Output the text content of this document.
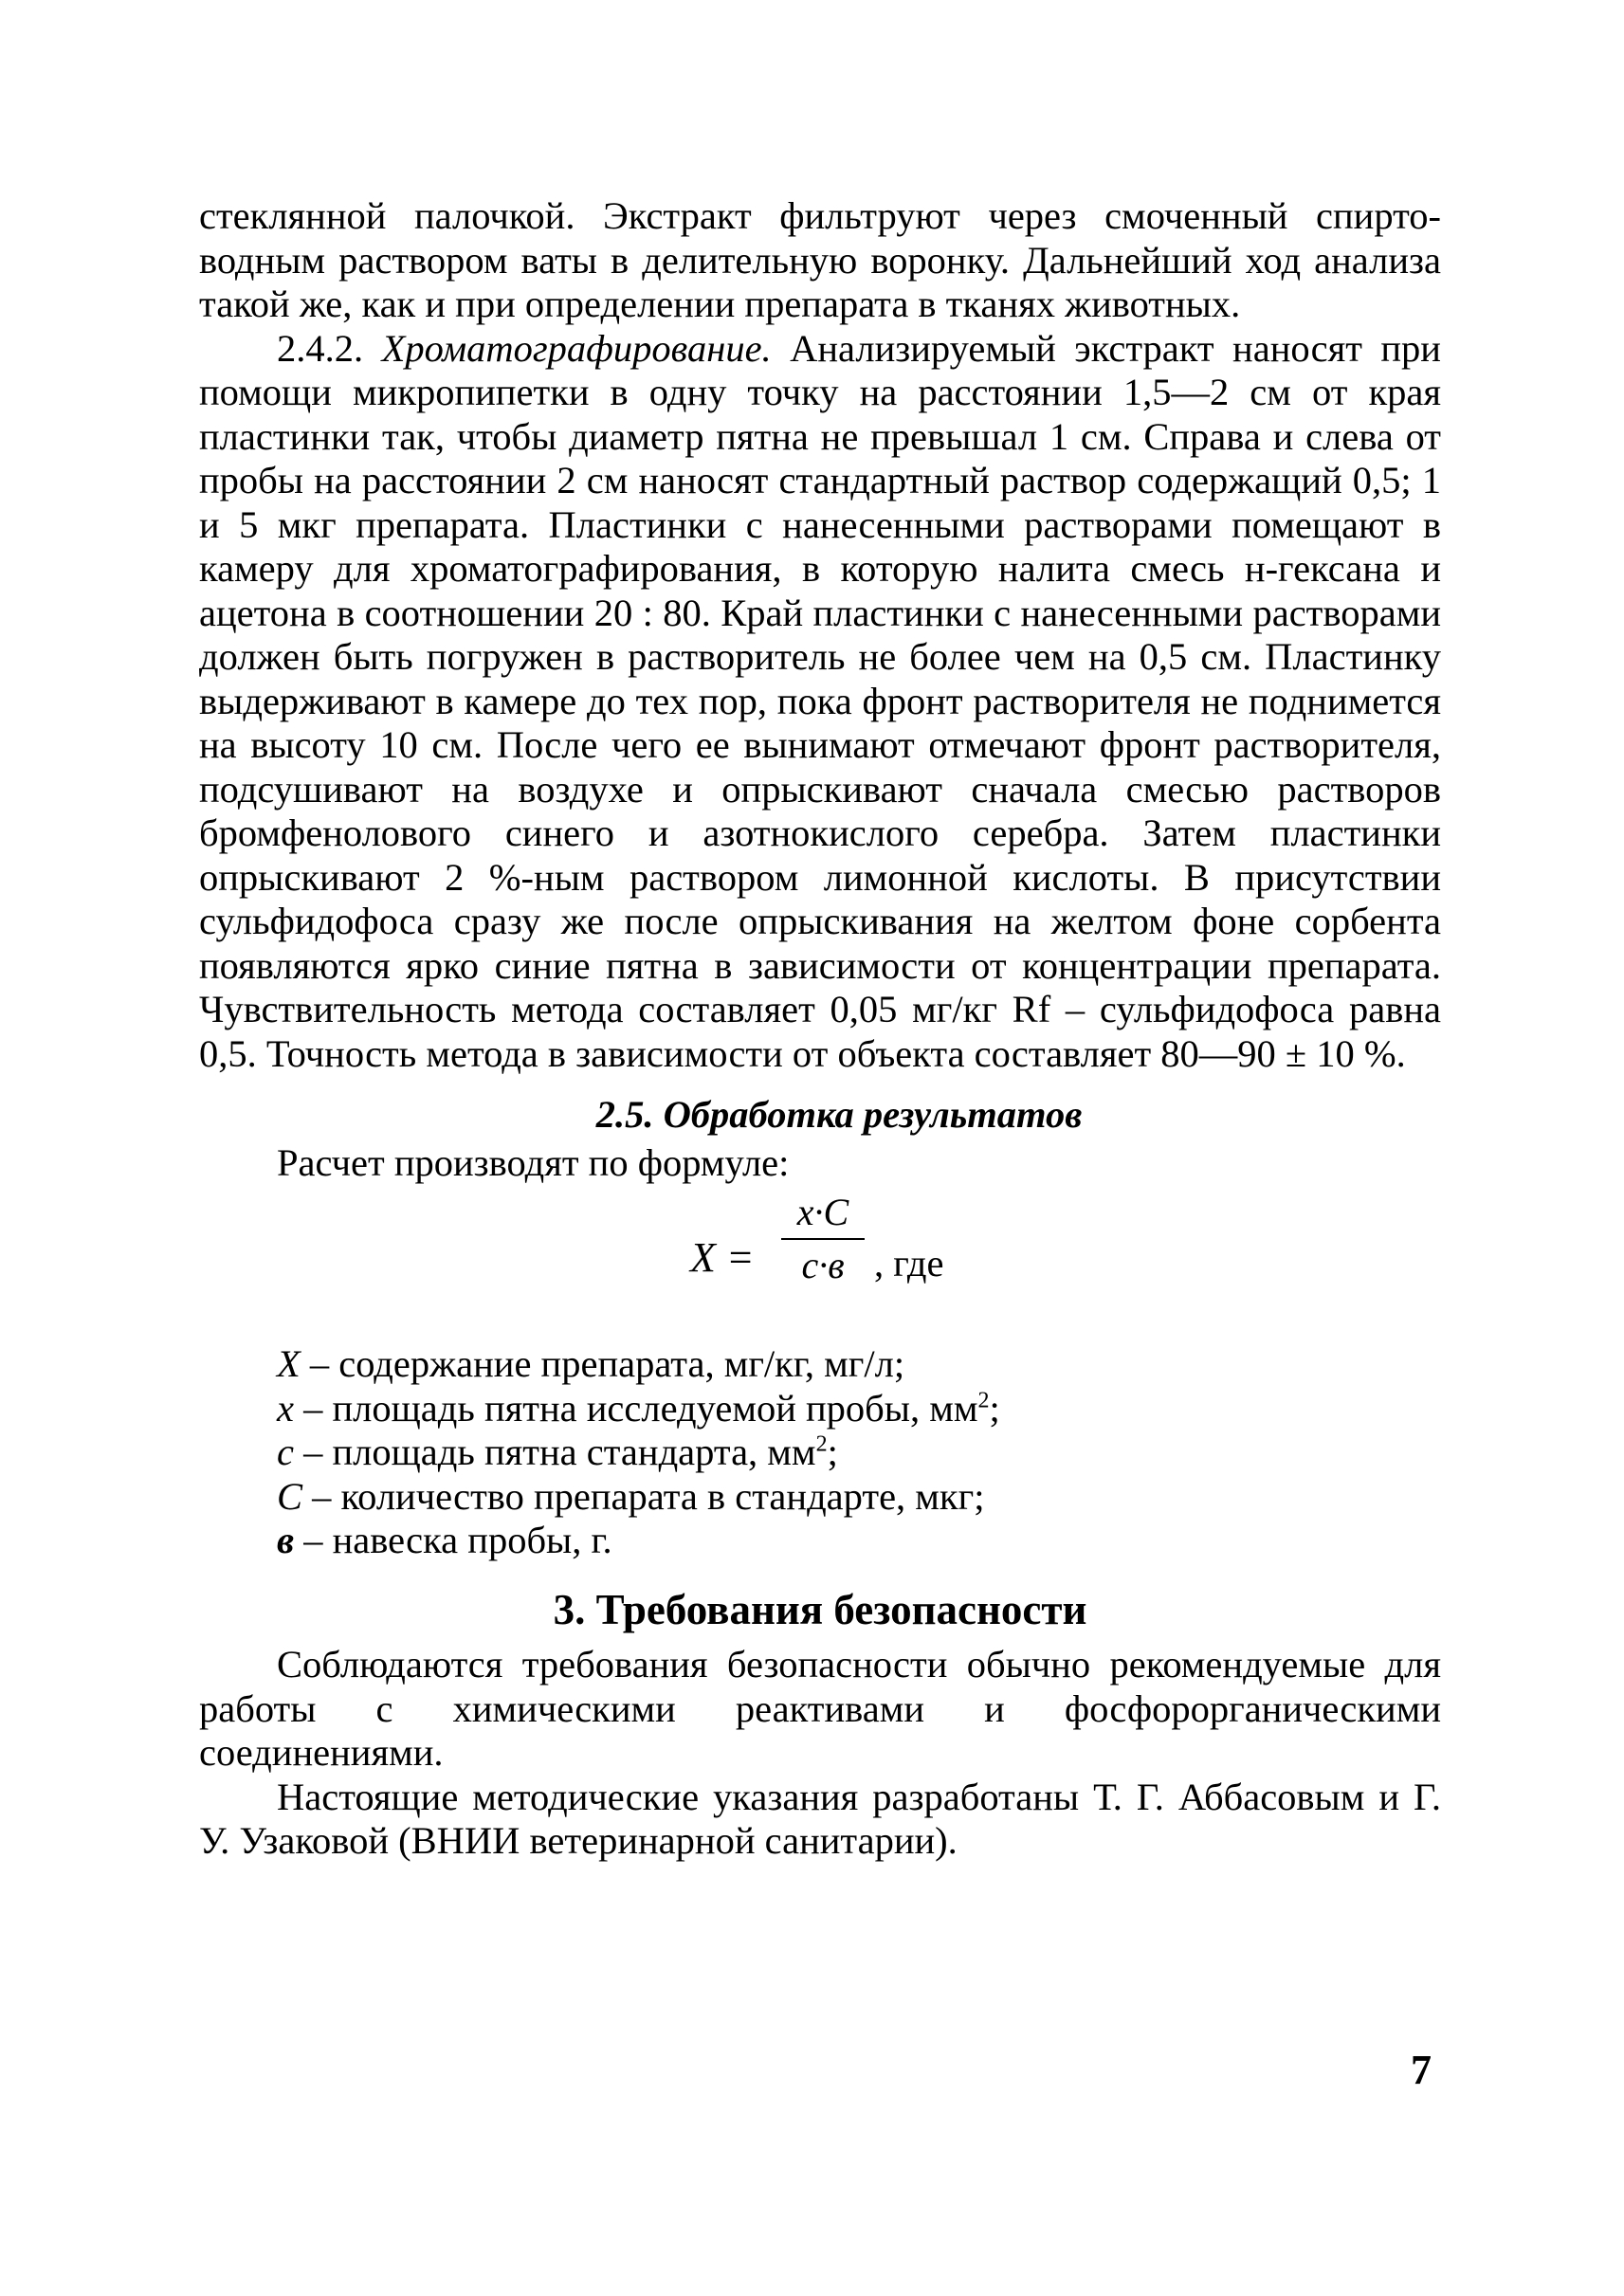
стеклянной палочкой. Экстракт фильтруют через смоченный спиртоводным раствором ваты в делительную воронку. Дальнейший ход анализа такой же, как и при определении препарата в тканях животных.

2.4.2. Хроматографирование. Анализируемый экстракт наносят при помощи микропипетки в одну точку на расстоянии 1,5—2 см от края пластинки так, чтобы диаметр пятна не превышал 1 см. Справа и слева от пробы на расстоянии 2 см наносят стандартный раствор содержащий 0,5; 1 и 5 мкг препарата. Пластинки с нанесенными растворами помещают в камеру для хроматографирования, в которую налита смесь н-гексана и ацетона в соотношении 20 : 80. Край пластинки с нанесенными растворами должен быть погружен в растворитель не более чем на 0,5 см. Пластинку выдерживают в камере до тех пор, пока фронт растворителя не поднимется на высоту 10 см. После чего ее вынимают отмечают фронт растворителя, подсушивают на воздухе и опрыскивают сначала смесью растворов бромфенолового синего и азотнокислого серебра. Затем пластинки опрыскивают 2 %-ным раствором лимонной кислоты. В присутствии сульфидофоса сразу же после опрыскивания на желтом фоне сорбента появляются ярко синие пятна в зависимости от концентрации препарата. Чувствительность метода составляет 0,05 мг/кг Rf – сульфидофоса равна 0,5. Точность метода в зависимости от объекта составляет 80—90 ± 10 %.

2.5. Обработка результатов

Расчет производят по формуле:

X =
x·C
c·в , где

X – содержание препарата, мг/кг, мг/л;

x – площадь пятна исследуемой пробы, $мм^2$;

c – площадь пятна стандарта, $мм^2$;

C – количество препарата в стандарте, мкг;

в – навеска пробы, г.

3. Требования безопасности

Соблюдаются требования безопасности обычно рекомендуемые для работы с химическими реактивами и фосфорорганическими соединениями.

Настоящие методические указания разработаны Т. Г. Аббасовым и Г. У. Узаковой (ВНИИ ветеринарной санитарии).

7
